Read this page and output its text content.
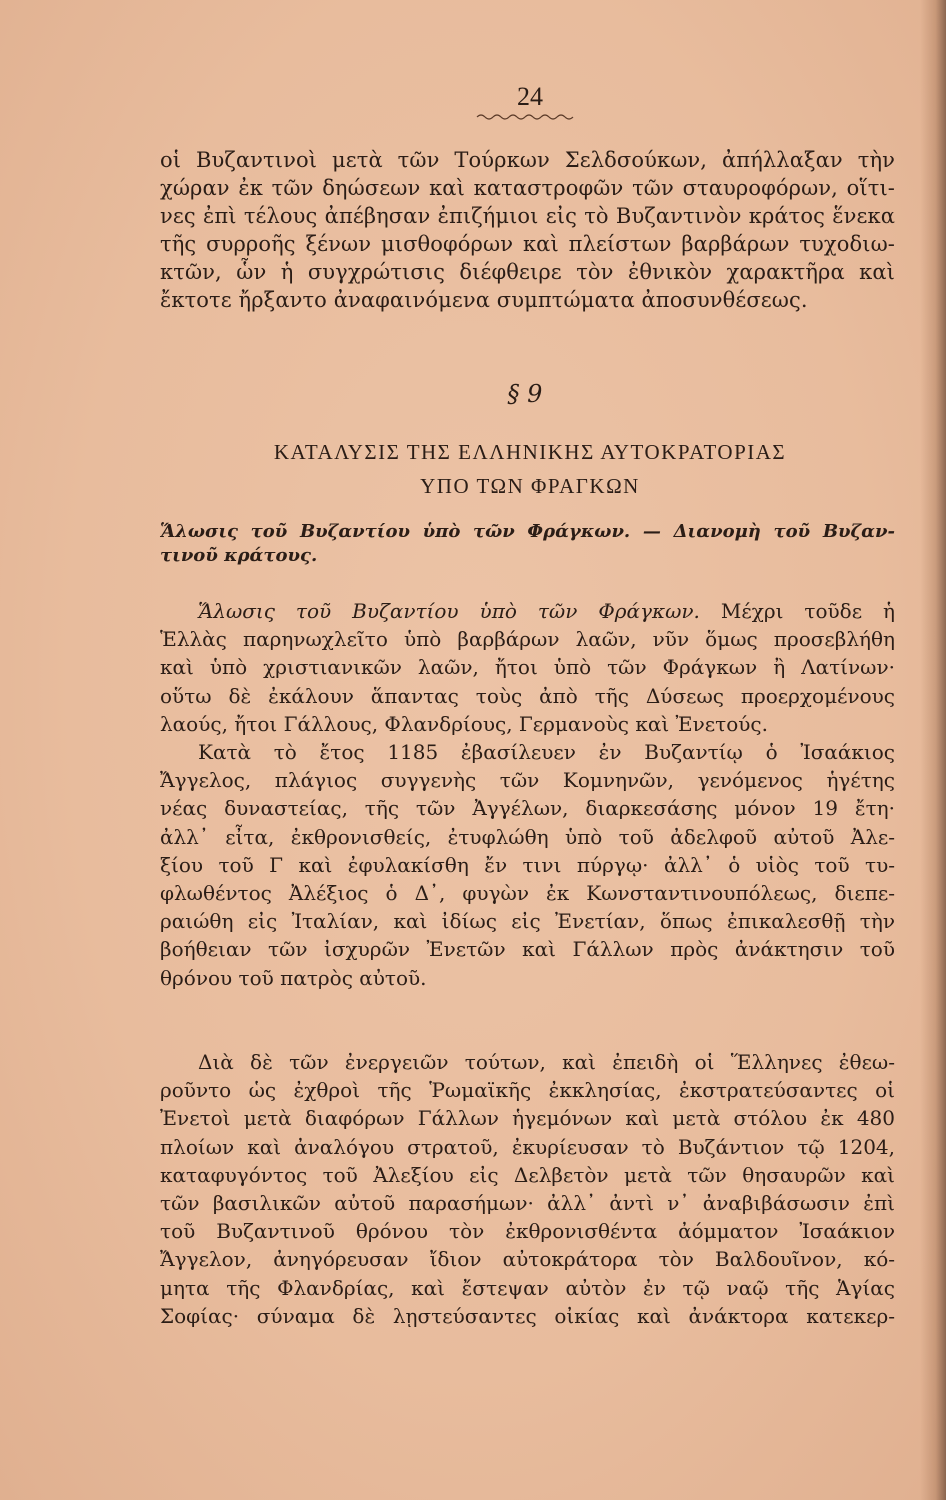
24
οἱ Βυζαντινοὶ μετὰ τῶν Τούρκων Σελδσούκων, ἀπήλλαξαν τὴν
χώραν ἐκ τῶν δηώσεων καὶ καταστροφῶν τῶν σταυροφόρων, οἵτι-
νες ἐπὶ τέλους ἀπέβησαν ἐπιζήμιοι εἰς τὸ Βυζαντινὸν κράτος ἕνεκα
τῆς συρροῆς ξένων μισθοφόρων καὶ πλείστων βαρβάρων τυχοδιω-
κτῶν, ὧν ἡ συγχρώτισις διέφθειρε τὸν ἐθνικὸν χαρακτῆρα καὶ
ἔκτοτε ἤρξαντο ἀναφαινόμενα συμπτώματα ἀποσυνθέσεως.
§ 9
ΚΑΤΑΛΥΣΙΣ ΤΗΣ ΕΛΛΗΝΙΚΗΣ ΑΥΤΟΚΡΑΤΟΡΙΑΣ
ΥΠΟ ΤΩΝ ΦΡΑΓΚΩΝ
Ἅλωσις τοῦ Βυζαντίου ὑπὸ τῶν Φράγκων. — Διανομὴ τοῦ Βυζαν-
τινοῦ κράτους.
Ἅλωσις τοῦ Βυζαντίου ὑπὸ τῶν Φράγκων. Μέχρι τοῦδε ἡ
Ἑλλὰς παρηνωχλεῖτο ὑπὸ βαρβάρων λαῶν, νῦν ὅμως προσεβλήθη
καὶ ὑπὸ χριστιανικῶν λαῶν, ἤτοι ὑπὸ τῶν Φράγκων ἢ Λατίνων·
οὕτω δὲ ἐκάλουν ἅπαντας τοὺς ἀπὸ τῆς Δύσεως προερχομένους
λαούς, ἤτοι Γάλλους, Φλανδρίους, Γερμανοὺς καὶ Ἐνετούς.
Κατὰ τὸ ἔτος 1185 ἐβασίλευεν ἐν Βυζαντίῳ ὁ Ἰσαάκιος
Ἄγγελος, πλάγιος συγγενὴς τῶν Κομνηνῶν, γενόμενος ἡγέτης
νέας δυναστείας, τῆς τῶν Ἀγγέλων, διαρκεσάσης μόνον 19 ἔτη·
ἀλλ᾽ εἶτα, ἐκθρονισθείς, ἐτυφλώθη ὑπὸ τοῦ ἀδελφοῦ αὐτοῦ Ἀλε-
ξίου τοῦ Γ καὶ ἐφυλακίσθη ἔν τινι πύργῳ· ἀλλ᾽ ὁ υἱὸς τοῦ τυ-
φλωθέντος Ἀλέξιος ὁ Δ᾽, φυγὼν ἐκ Κωνσταντινουπόλεως, διεπε-
ραιώθη εἰς Ἰταλίαν, καὶ ἰδίως εἰς Ἐνετίαν, ὅπως ἐπικαλεσθῇ τὴν
βοήθειαν τῶν ἰσχυρῶν Ἐνετῶν καὶ Γάλλων πρὸς ἀνάκτησιν τοῦ
θρόνου τοῦ πατρὸς αὐτοῦ.
Διὰ δὲ τῶν ἐνεργειῶν τούτων, καὶ ἐπειδὴ οἱ Ἕλληνες ἐθεω-
ροῦντο ὡς ἐχθροὶ τῆς Ῥωμαϊκῆς ἐκκλησίας, ἐκστρατεύσαντες οἱ
Ἐνετοὶ μετὰ διαφόρων Γάλλων ἡγεμόνων καὶ μετὰ στόλου ἐκ 480
πλοίων καὶ ἀναλόγου στρατοῦ, ἐκυρίευσαν τὸ Βυζάντιον τῷ 1204,
καταφυγόντος τοῦ Ἀλεξίου εἰς Δελβετὸν μετὰ τῶν θησαυρῶν καὶ
τῶν βασιλικῶν αὐτοῦ παρασήμων· ἀλλ᾽ ἀντὶ ν᾽ ἀναβιβάσωσιν ἐπὶ
τοῦ Βυζαντινοῦ θρόνου τὸν ἐκθρονισθέντα ἀόμματον Ἰσαάκιον
Ἄγγελον, ἀνηγόρευσαν ἴδιον αὐτοκράτορα τὸν Βαλδουῖνον, κό-
μητα τῆς Φλανδρίας, καὶ ἔστεψαν αὐτὸν ἐν τῷ ναῷ τῆς Ἁγίας
Σοφίας· σύναμα δὲ λῃστεύσαντες οἰκίας καὶ ἀνάκτορα κατεκερ-
